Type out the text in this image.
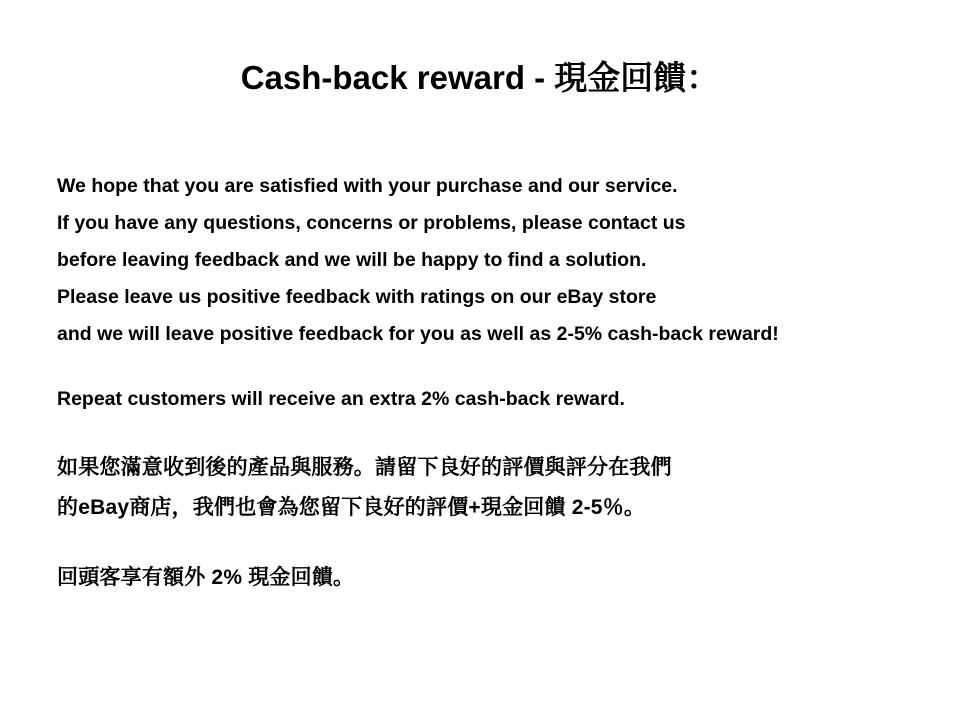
Cash-back reward - 現金回饋：
We hope that you are satisfied with your purchase and our service.
If you have any questions, concerns or problems, please contact us
before leaving feedback and we will be happy to find a solution.
Please leave us positive feedback with ratings on our eBay store
and we will leave positive feedback for you as well as 2-5% cash-back reward!
Repeat customers will receive an extra 2% cash-back reward.
如果您滿意收到後的產品與服務。請留下良好的評價與評分在我們
的eBay商店，我們也會為您留下良好的評價+現金回饋 2-5％。
回頭客享有額外 2% 現金回饋。
